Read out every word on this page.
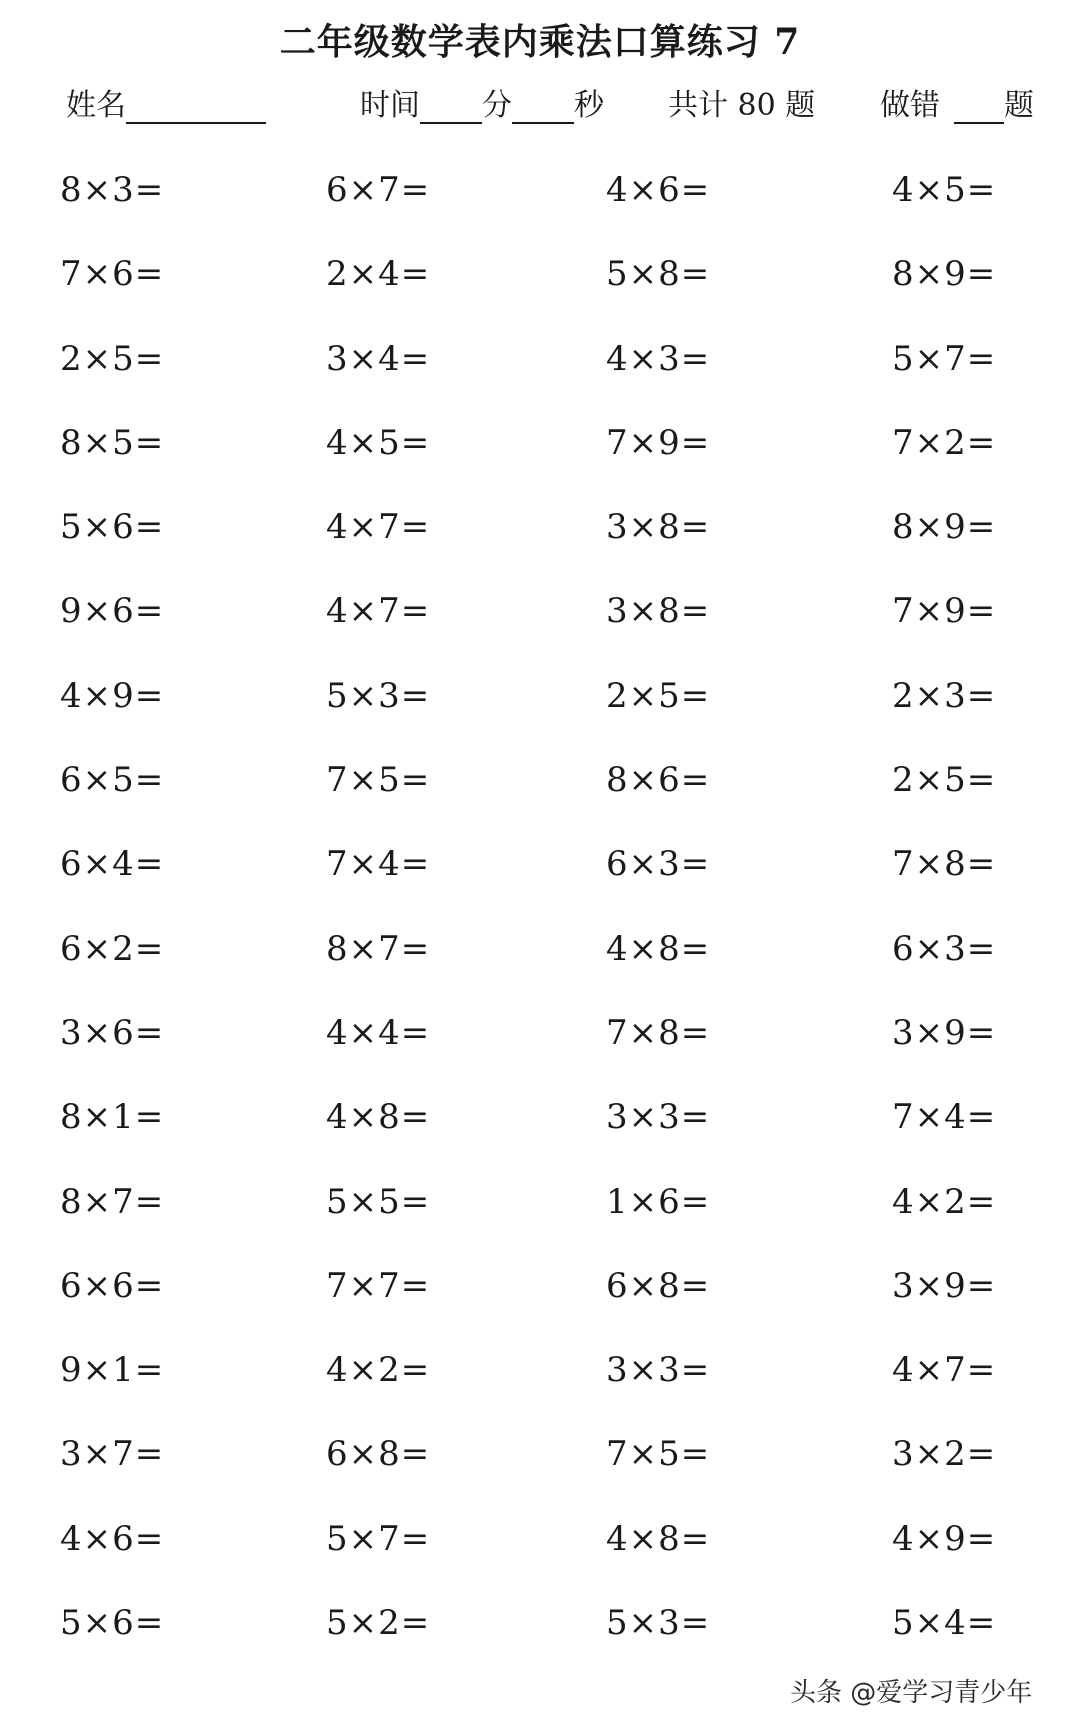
二年级数学表内乘法口算练习 7
姓名	时间 分 秒 共计 80 题 做错 题
8×3=	6×7=	4×6=	4×5=
7×6=	2×4=	5×8=	8×9=
2×5=	3×4=	4×3=	5×7=
8×5=	4×5=	7×9=	7×2=
5×6=	4×7=	3×8=	8×9=
9×6=	4×7=	3×8=	7×9=
4×9=	5×3=	2×5=	2×3=
6×5=	7×5=	8×6=	2×5=
6×4=	7×4=	6×3=	7×8=
6×2=	8×7=	4×8=	6×3=
3×6=	4×4=	7×8=	3×9=
8×1=	4×8=	3×3=	7×4=
8×7=	5×5=	1×6=	4×2=
6×6=	7×7=	6×8=	3×9=
9×1=	4×2=	3×3=	4×7=
3×7=	6×8=	7×5=	3×2=
4×6=	5×7=	4×8=	4×9=
5×6=	5×2=	5×3=	5×4=
头条 @爱学习青少年
